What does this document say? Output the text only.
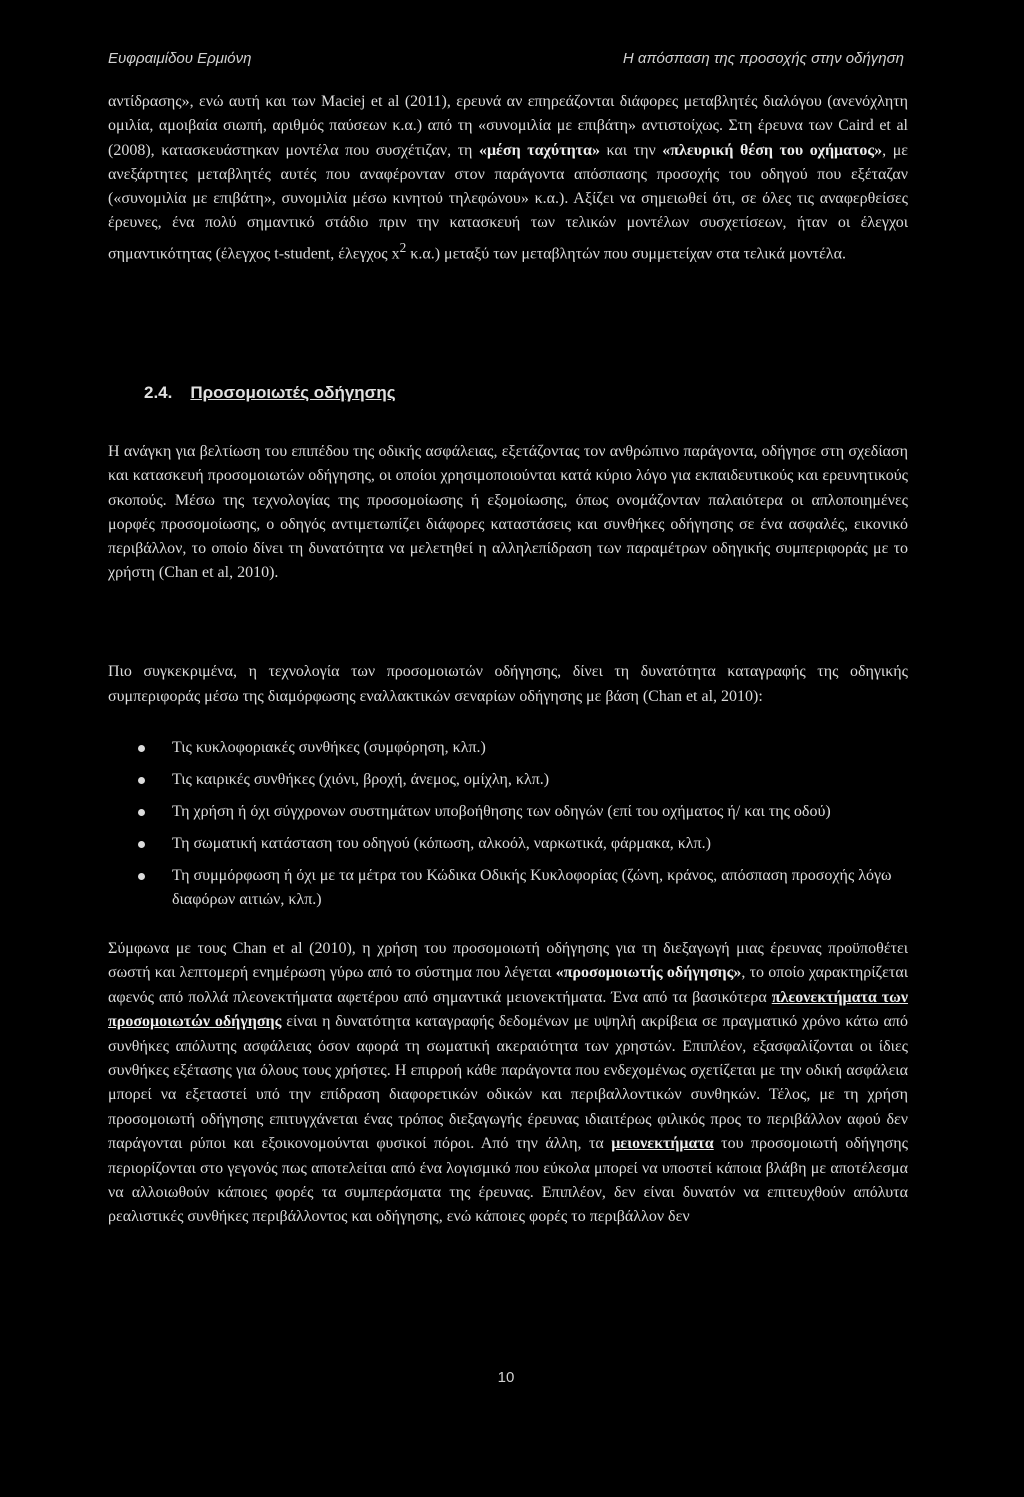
Ευφραιμίδου Ερμιόνη	Η απόσπαση της προσοχής στην οδήγηση

αντίδρασης», ενώ αυτή και των Maciej et al (2011), ερευνά αν επηρεάζονται διάφορες μεταβλητές διαλόγου (ανενόχλητη ομιλία, αμοιβαία σιωπή, αριθμός παύσεων κ.α.) από τη «συνομιλία με επιβάτη» αντιστοίχως. Στη έρευνα των Caird et al (2008), κατασκευάστηκαν μοντέλα που συσχέτιζαν, τη «μέση ταχύτητα» και την «πλευρική θέση του οχήματος», με ανεξάρτητες μεταβλητές αυτές που αναφέρονταν στον παράγοντα απόσπασης προσοχής του οδηγού που εξέταζαν («συνομιλία με επιβάτη», συνομιλία μέσω κινητού τηλεφώνου» κ.α.). Αξίζει να σημειωθεί ότι, σε όλες τις αναφερθείσες έρευνες, ένα πολύ σημαντικό στάδιο πριν την κατασκευή των τελικών μοντέλων συσχετίσεων, ήταν οι έλεγχοι σημαντικότητας (έλεγχος t-student, έλεγχος $x^2$ κ.α.) μεταξύ των μεταβλητών που συμμετείχαν στα τελικά μοντέλα.

2.4. Προσομοιωτές οδήγησης

Η ανάγκη για βελτίωση του επιπέδου της οδικής ασφάλειας, εξετάζοντας τον ανθρώπινο παράγοντα, οδήγησε στη σχεδίαση και κατασκευή προσομοιωτών οδήγησης, οι οποίοι χρησιμοποιούνται κατά κύριο λόγο για εκπαιδευτικούς και ερευνητικούς σκοπούς. Μέσω της τεχνολογίας της προσομοίωσης ή εξομοίωσης, όπως ονομάζονταν παλαιότερα οι απλοποιημένες μορφές προσομοίωσης, ο οδηγός αντιμετωπίζει διάφορες καταστάσεις και συνθήκες οδήγησης σε ένα ασφαλές, εικονικό περιβάλλον, το οποίο δίνει τη δυνατότητα να μελετηθεί η αλληλεπίδραση των παραμέτρων οδηγικής συμπεριφοράς με το χρήστη (Chan et al, 2010).

Πιο συγκεκριμένα, η τεχνολογία των προσομοιωτών οδήγησης, δίνει τη δυνατότητα καταγραφής της οδηγικής συμπεριφοράς μέσω της διαμόρφωσης εναλλακτικών σεναρίων οδήγησης με βάση (Chan et al, 2010):

Τις κυκλοφοριακές συνθήκες (συμφόρηση, κλπ.)
Τις καιρικές συνθήκες (χιόνι, βροχή, άνεμος, ομίχλη, κλπ.)
Τη χρήση ή όχι σύγχρονων συστημάτων υποβοήθησης των οδηγών (επί του οχήματος ή/ και της οδού)
Τη σωματική κατάσταση του οδηγού (κόπωση, αλκοόλ, ναρκωτικά, φάρμακα, κλπ.)
Τη συμμόρφωση ή όχι με τα μέτρα του Κώδικα Οδικής Κυκλοφορίας (ζώνη, κράνος, απόσπαση προσοχής λόγω διαφόρων αιτιών, κλπ.)

Σύμφωνα με τους Chan et al (2010), η χρήση του προσομοιωτή οδήγησης για τη διεξαγωγή μιας έρευνας προϋποθέτει σωστή και λεπτομερή ενημέρωση γύρω από το σύστημα που λέγεται «προσομοιωτής οδήγησης», το οποίο χαρακτηρίζεται αφενός από πολλά πλεονεκτήματα αφετέρου από σημαντικά μειονεκτήματα. Ένα από τα βασικότερα πλεονεκτήματα των προσομοιωτών οδήγησης είναι η δυνατότητα καταγραφής δεδομένων με υψηλή ακρίβεια σε πραγματικό χρόνο κάτω από συνθήκες απόλυτης ασφάλειας όσον αφορά τη σωματική ακεραιότητα των χρηστών. Επιπλέον, εξασφαλίζονται οι ίδιες συνθήκες εξέτασης για όλους τους χρήστες. Η επιρροή κάθε παράγοντα που ενδεχομένως σχετίζεται με την οδική ασφάλεια μπορεί να εξεταστεί υπό την επίδραση διαφορετικών οδικών και περιβαλλοντικών συνθηκών. Τέλος, με τη χρήση προσομοιωτή οδήγησης επιτυγχάνεται ένας τρόπος διεξαγωγής έρευνας ιδιαιτέρως φιλικός προς το περιβάλλον αφού δεν παράγονται ρύποι και εξοικονομούνται φυσικοί πόροι. Από την άλλη, τα μειονεκτήματα του προσομοιωτή οδήγησης περιορίζονται στο γεγονός πως αποτελείται από ένα λογισμικό που εύκολα μπορεί να υποστεί κάποια βλάβη με αποτέλεσμα να αλλοιωθούν κάποιες φορές τα συμπεράσματα της έρευνας. Επιπλέον, δεν είναι δυνατόν να επιτευχθούν απόλυτα ρεαλιστικές συνθήκες περιβάλλοντος και οδήγησης, ενώ κάποιες φορές το περιβάλλον δεν

10
